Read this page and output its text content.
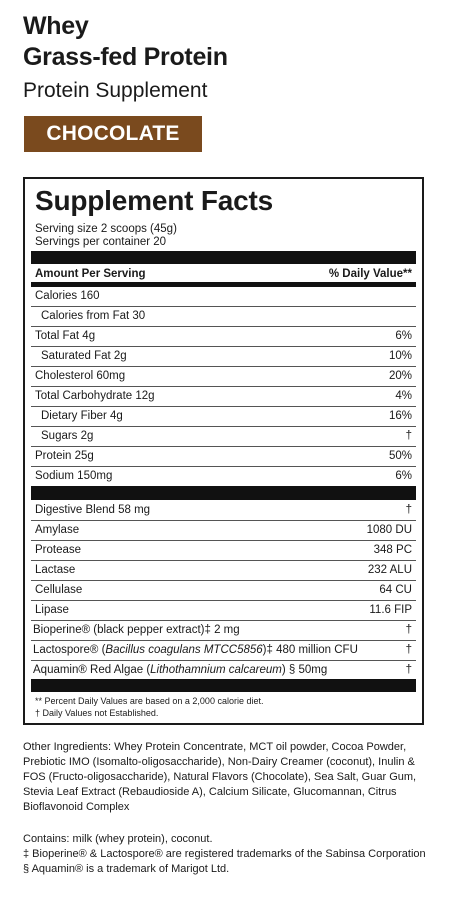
Whey
Grass-fed Protein
Protein Supplement
CHOCOLATE
Supplement Facts
Serving size 2 scoops (45g)
Servings per container 20
Amount Per Serving	% Daily Value**
Calories 160
Calories from Fat 30
Total Fat 4g	6%
Saturated Fat 2g	10%
Cholesterol 60mg	20%
Total Carbohydrate 12g	4%
Dietary Fiber 4g	16%
Sugars 2g	†
Protein 25g	50%
Sodium 150mg	6%
Digestive Blend 58 mg	†
Amylase	1080 DU
Protease	348 PC
Lactase	232 ALU
Cellulase	64 CU
Lipase	11.6 FIP
Bioperine® (black pepper extract)‡ 2 mg	†
Lactospore® (Bacillus coagulans MTCC5856)‡ 480 million CFU	†
Aquamin® Red Algae (Lithothamnium calcareum) § 50mg	†
** Percent Daily Values are based on a 2,000 calorie diet.
† Daily Values not Established.
Other Ingredients: Whey Protein Concentrate, MCT oil powder, Cocoa Powder,
Prebiotic IMO (Isomalto-oligosaccharide), Non-Dairy Creamer (coconut), Inulin &
FOS (Fructo-oligosaccharide), Natural Flavors (Chocolate), Sea Salt, Guar Gum,
Stevia Leaf Extract (Rebaudioside A), Calcium Silicate, Glucomannan, Citrus
Bioflavonoid Complex
Contains: milk (whey protein), coconut.
‡ Bioperine® & Lactospore® are registered trademarks of the Sabinsa Corporation
§ Aquamin® is a trademark of Marigot Ltd.
